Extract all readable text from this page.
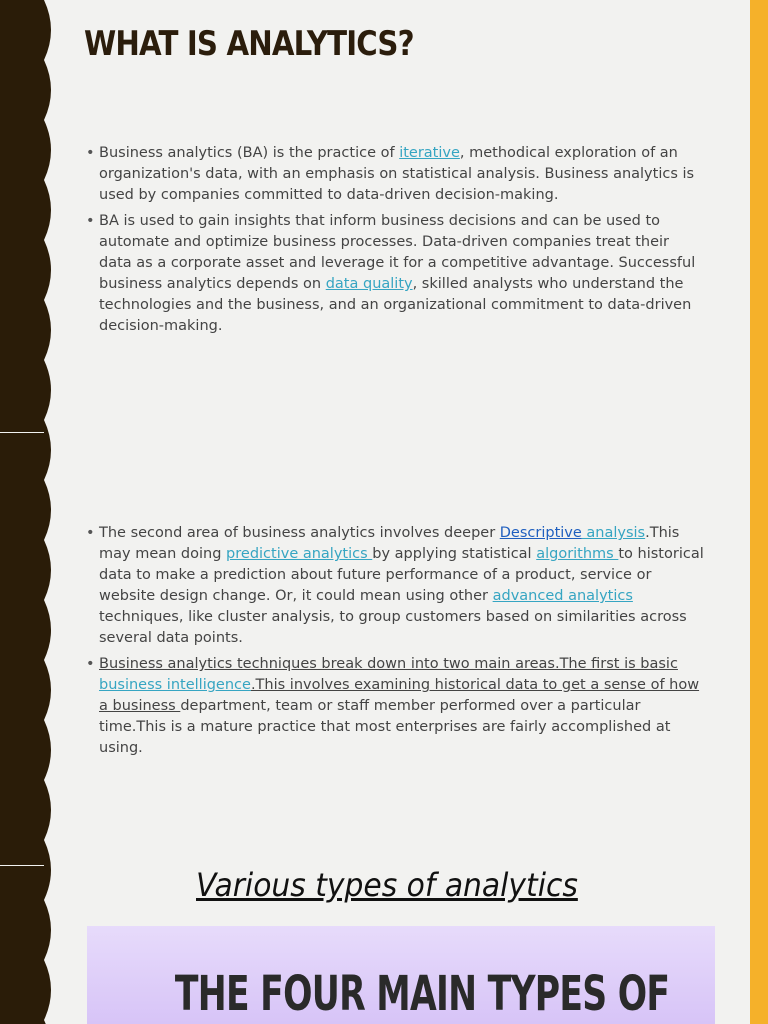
WHAT IS ANALYTICS?
• Business analytics (BA) is the practice of iterative, methodical exploration of an organization's data, with an emphasis on statistical analysis. Business analytics is used by companies committed to data-driven decision-making.
• BA is used to gain insights that inform business decisions and can be used to automate and optimize business processes. Data-driven companies treat their data as a corporate asset and leverage it for a competitive advantage. Successful business analytics depends on data quality, skilled analysts who understand the technologies and the business, and an organizational commitment to data-driven decision-making.
• The second area of business analytics involves deeper Descriptive analysis.This may mean doing predictive analytics by applying statistical algorithms to historical data to make a prediction about future performance of a product, service or website design change. Or, it could mean using other advanced analytics techniques, like cluster analysis, to group customers based on similarities across several data points.
• Business analytics techniques break down into two main areas.The first is basic business intelligence.This involves examining historical data to get a sense of how a business department, team or staff member performed over a particular time.This is a mature practice that most enterprises are fairly accomplished at using.
Various types of analytics
THE FOUR MAIN TYPES OF
